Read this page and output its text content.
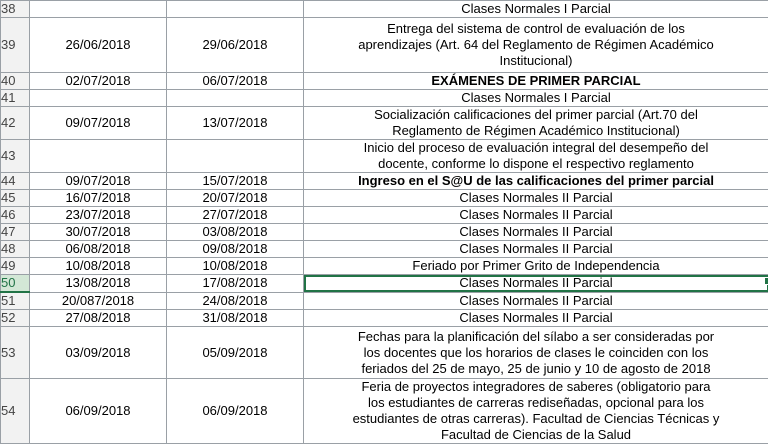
38			Clases Normales I Parcial

39	26/06/2018	29/06/2018	Entrega del sistema de control de evaluación de los
aprendizajes (Art. 64 del Reglamento de Régimen Académico
Institucional)

40	02/07/2018	06/07/2018	EXÁMENES DE PRIMER PARCIAL

41			Clases Normales I Parcial

42	09/07/2018	13/07/2018	Socialización calificaciones del primer parcial (Art.70 del
Reglamento de Régimen Académico Institucional)

43			Inicio del proceso de evaluación integral del desempeño del
docente, conforme lo dispone el respectivo reglamento

44	09/07/2018	15/07/2018	Ingreso en el S@U de las calificaciones del primer parcial

45	16/07/2018	20/07/2018	Clases Normales II Parcial

46	23/07/2018	27/07/2018	Clases Normales II Parcial

47	30/07/2018	03/08/2018	Clases Normales II Parcial

48	06/08/2018	09/08/2018	Clases Normales II Parcial

49	10/08/2018	10/08/2018	Feriado por Primer Grito de Independencia

50	13/08/2018	17/08/2018	Clases Normales II Parcial

51	20/087/2018	24/08/2018	Clases Normales II Parcial

52	27/08/2018	31/08/2018	Clases Normales II Parcial

53	03/09/2018	05/09/2018	Fechas para la planificación del sílabo a ser consideradas por
los docentes que los horarios de clases le coinciden con los
feriados del 25 de mayo, 25 de junio y 10 de agosto de 2018

54	06/09/2018	06/09/2018	Feria de proyectos integradores de saberes (obligatorio para
los estudiantes de carreras rediseñadas, opcional para los
estudiantes de otras carreras). Facultad de Ciencias Técnicas y
Facultad de Ciencias de la Salud
